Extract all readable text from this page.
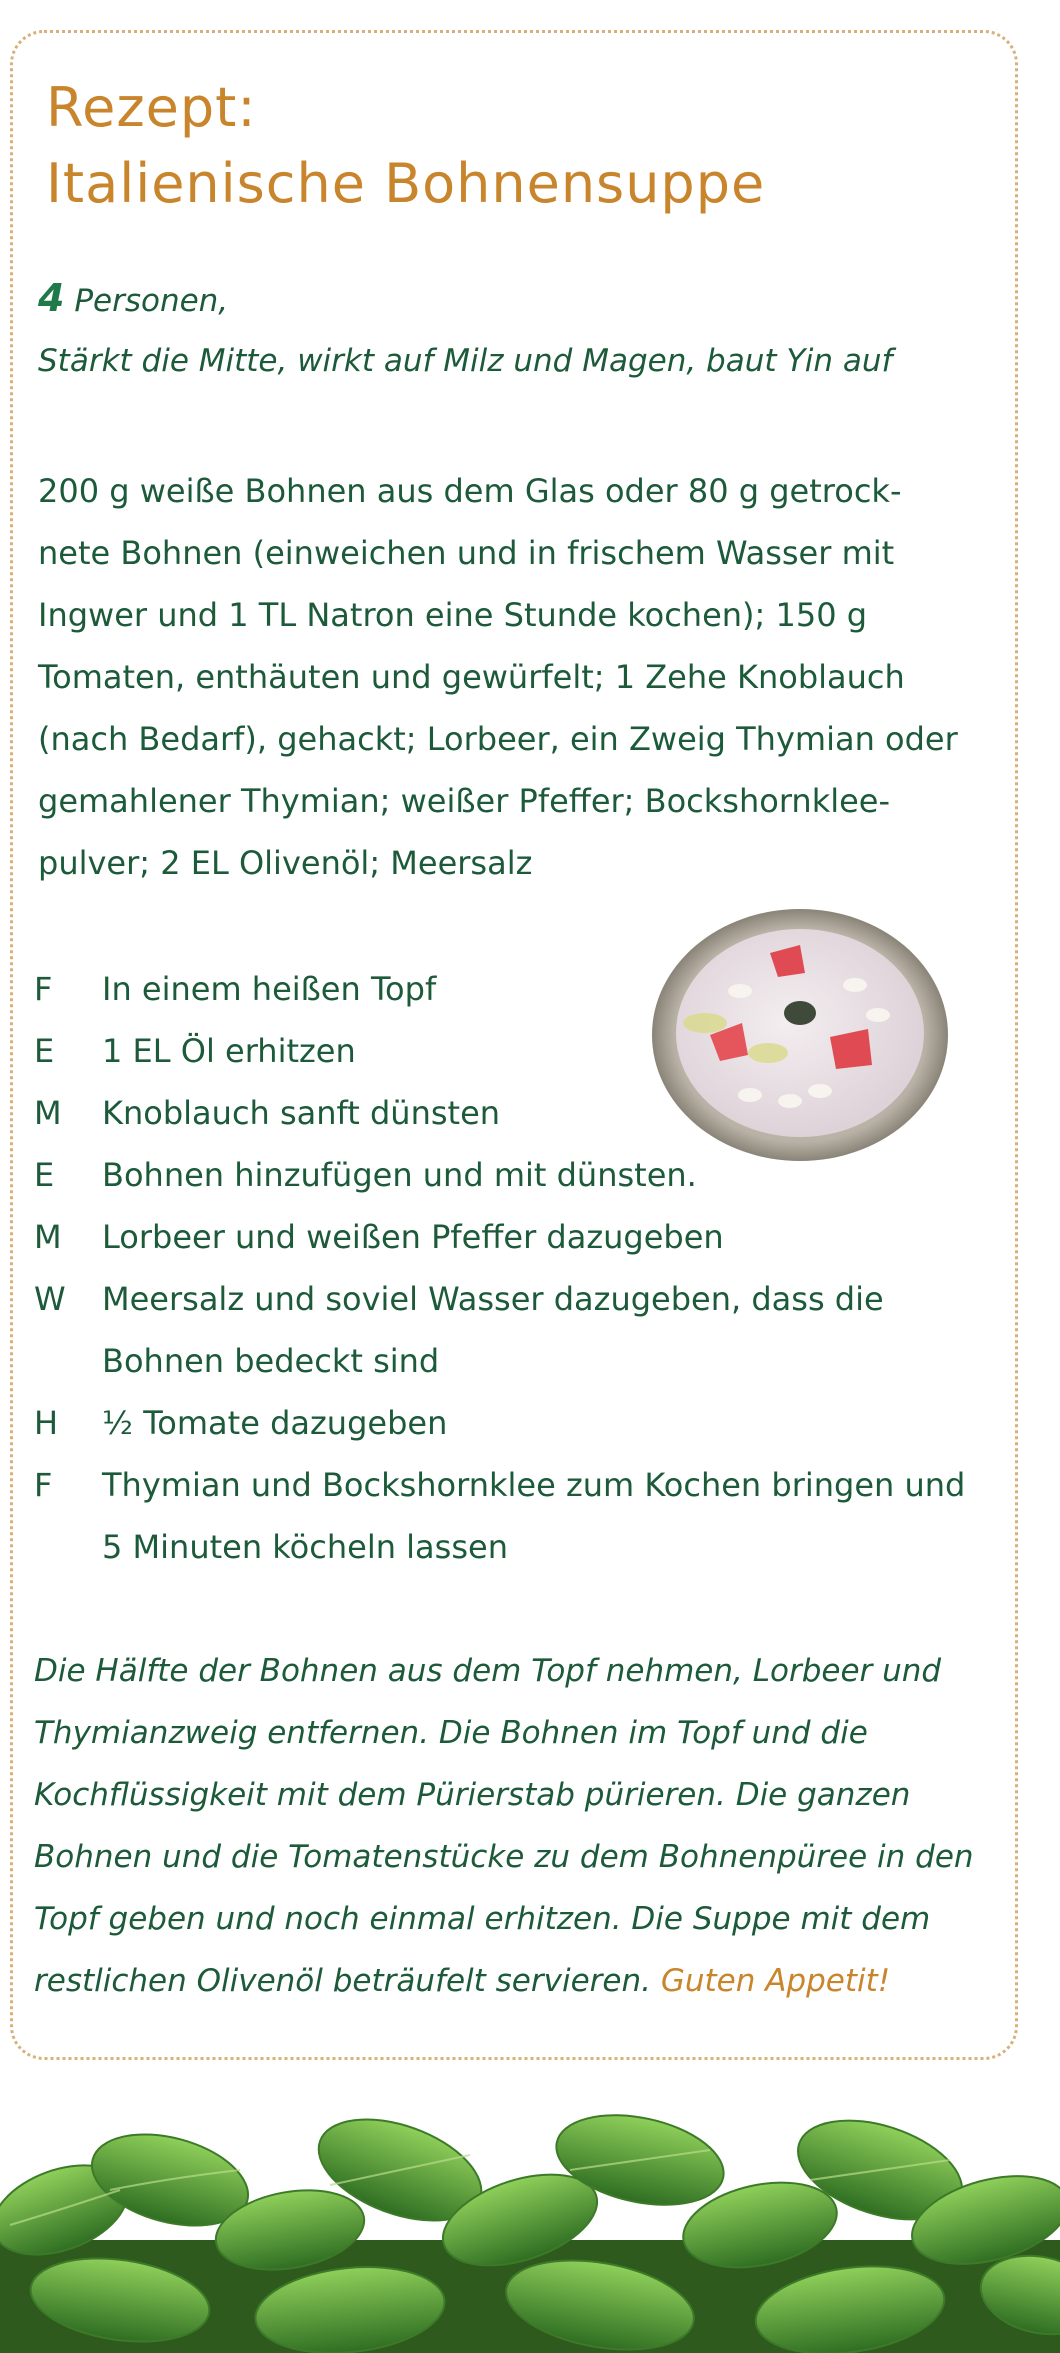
Rezept:
Italienische Bohnensuppe
4 Personen,
Stärkt die Mitte, wirkt auf Milz und Magen, baut Yin auf
200 g weiße Bohnen aus dem Glas oder 80 g getrock-
nete Bohnen (einweichen und in frischem Wasser mit
Ingwer und 1 TL Natron eine Stunde kochen); 150 g
Tomaten, enthäuten und gewürfelt; 1 Zehe Knoblauch
(nach Bedarf), gehackt; Lorbeer, ein Zweig Thymian oder
gemahlener Thymian; weißer Pfeffer; Bockshornklee-
pulver; 2 EL Olivenöl; Meersalz
F	In einem heißen Topf
E	1 EL Öl erhitzen
M	Knoblauch sanft dünsten
E	Bohnen hinzufügen und mit dünsten.
M	Lorbeer und weißen Pfeffer dazugeben
W	Meersalz und soviel Wasser dazugeben, dass die Bohnen bedeckt sind
H	½ Tomate dazugeben
F	Thymian und Bockshornklee zum Kochen bringen und 5 Minuten köcheln lassen
Die Hälfte der Bohnen aus dem Topf nehmen, Lorbeer und Thymianzweig entfernen. Die Bohnen im Topf und die Kochflüssigkeit mit dem Pürierstab pürieren. Die ganzen Bohnen und die Tomatenstücke zu dem Bohnenpüree in den Topf geben und noch einmal erhitzen. Die Suppe mit dem restlichen Olivenöl beträufelt servieren. Guten Appetit!
